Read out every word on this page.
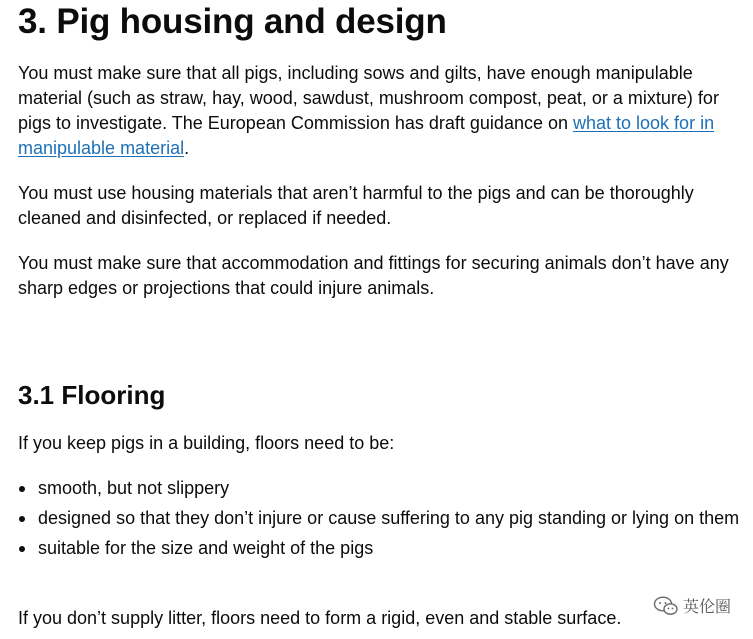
3. Pig housing and design

You must make sure that all pigs, including sows and gilts, have enough manipulable material (such as straw, hay, wood, sawdust, mushroom compost, peat, or a mixture) for pigs to investigate. The European Commission has draft guidance on what to look for in manipulable material.

You must use housing materials that aren’t harmful to the pigs and can be thoroughly cleaned and disinfected, or replaced if needed.

You must make sure that accommodation and fittings for securing animals don’t have any sharp edges or projections that could injure animals.

3.1 Flooring

If you keep pigs in a building, floors need to be:

smooth, but not slippery
designed so that they don’t injure or cause suffering to any pig standing or lying on them
suitable for the size and weight of the pigs

If you don’t supply litter, floors need to form a rigid, even and stable surface.

英伦圈
